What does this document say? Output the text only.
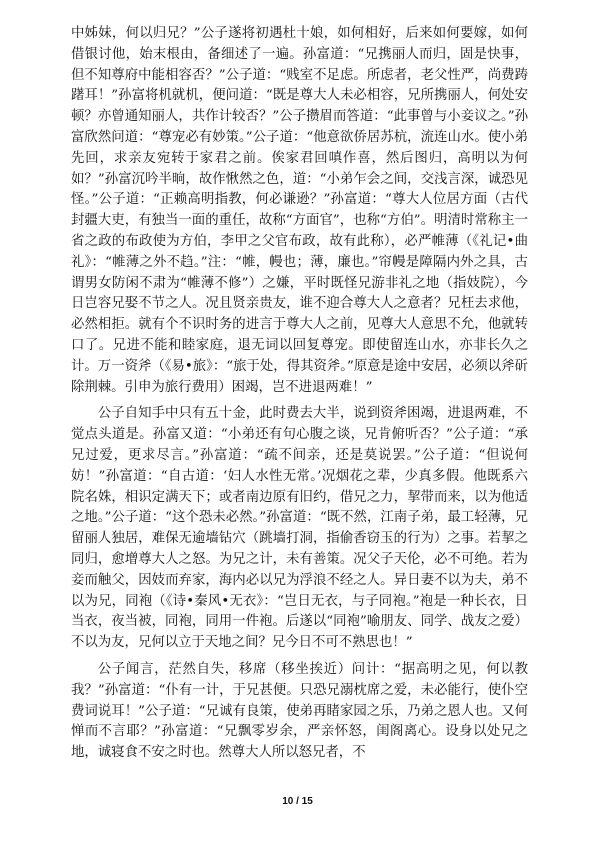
中姊妹，何以归兄？”公子遂将初遇杜十娘，如何相好，后来如何要嫁，如何借银讨他，始末根由，备细述了一遍。孙富道：“兄携丽人而归，固是快事，但不知尊府中能相容否？”公子道：“贱室不足虑。所虑者，老父性严，尚费踌躇耳！”孙富将机就机，便问道：“既是尊大人未必相容，兄所携丽人，何处安顿？亦曾通知丽人，共作计较否？”公子攒眉而答道：“此事曾与小妾议之。”孙富欣然问道：“尊宠必有妙策。”公子道：“他意欲侨居苏杭，流连山水。使小弟先回，求亲友宛转于家君之前。俟家君回嗔作喜，然后图归，高明以为何如？”孙富沉吟半晌，故作愀然之色，道：“小弟乍会之间，交浅言深，诚恐见怪。”公子道：“正赖高明指教，何必谦逊？”孙富道：“尊大人位居方面（古代封疆大吏，有独当一面的重任，故称“方面官”，也称“方伯”。明清时常称主一省之政的布政使为方伯，李甲之父官布政，故有此称），必严帷薄（《礼记•曲礼》：“帷薄之外不趋。”注：“帷，幔也；薄，廉也。”帘幔是障隔内外之具，古谓男女防闲不肃为“帷薄不修”）之嫌，平时既怪兄游非礼之地（指妓院），今日岂容兄娶不节之人。况且贤亲贵友，谁不迎合尊大人之意者？兄枉去求他，必然相拒。就有个不识时务的进言于尊大人之前，见尊大人意思不允，他就转口了。兄进不能和睦家庭，退无词以回复尊宠。即使留连山水，亦非长久之计。万一资斧（《易•旅》：“旅于处，得其资斧。”原意是途中安居，必须以斧斫除荆棘。引申为旅行费用）困竭，岂不进退两难！”

公子自知手中只有五十金，此时费去大半，说到资斧困竭，进退两难，不觉点头道是。孙富又道：“小弟还有句心腹之谈，兄肯俯听否？”公子道：“承兄过爱，更求尽言。”孙富道：“疏不间亲，还是莫说罢。”公子道：“但说何妨！”孙富道：“自古道：‘妇人水性无常。’况烟花之辈，少真多假。他既系六院名姝，相识定满天下；或者南边原有旧约，借兄之力，挈带而来，以为他适之地。”公子道：“这个恐未必然。”孙富道：“既不然，江南子弟，最工轻薄，兄留丽人独居，难保无逾墙钻穴（跳墙打洞，指偷香窃玉的行为）之事。若挈之同归，愈增尊大人之怒。为兄之计，未有善策。况父子天伦，必不可绝。若为妾而触父，因妓而弃家，海内必以兄为浮浪不经之人。异日妻不以为夫，弟不以为兄，同袍（《诗•秦风•无衣》：“岂日无衣，与子同袍。”袍是一种长衣，日当衣，夜当被，同袍，同用一件袍。后遂以“同袍”喻朋友、同学、战友之爱）不以为友，兄何以立于天地之间？兄今日不可不熟思也！”

公子闻言，茫然自失，移席（移坐挨近）问计：“据高明之见，何以教我？”孙富道：“仆有一计，于兄甚便。只恐兄溺枕席之爱，未必能行，使仆空费词说耳！”公子道：“兄诚有良策，使弟再睹家园之乐，乃弟之恩人也。又何惮而不言耶？”孙富道：“兄飘零岁余，严亲怀怒，闺阁离心。设身以处兄之地，诚寝食不安之时也。然尊大人所以怒兄者，不

10 / 15
